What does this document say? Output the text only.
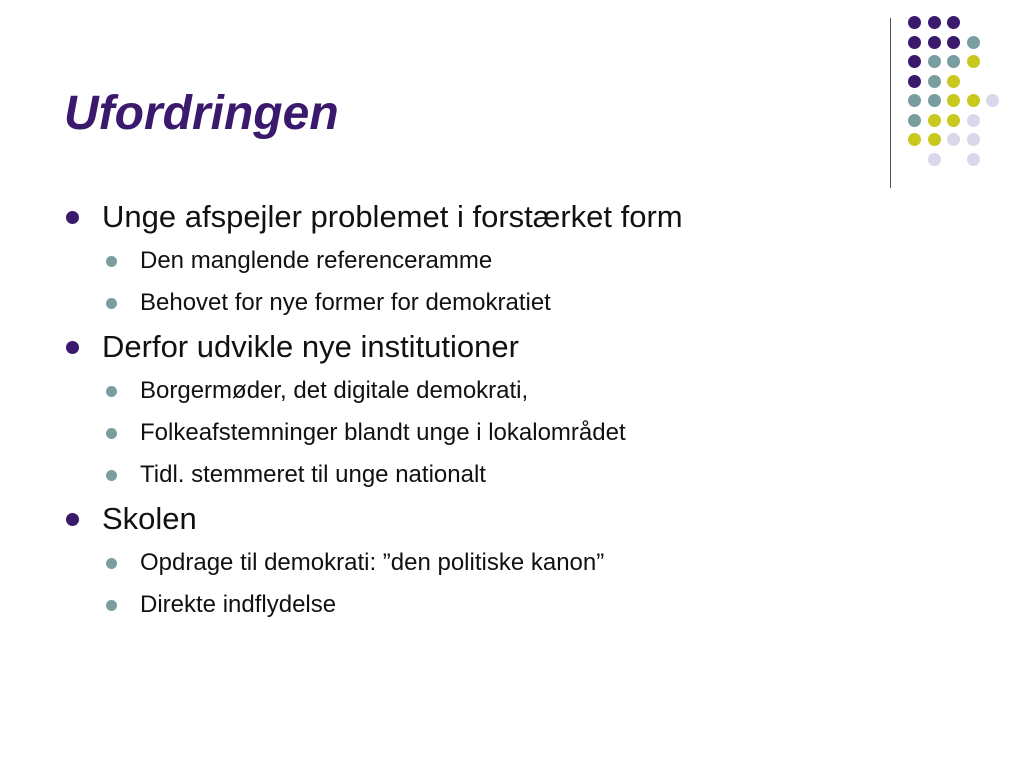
Ufordringen
Unge afspejler problemet i forstærket form
Den manglende referenceramme
Behovet for nye former for demokratiet
Derfor udvikle nye institutioner
Borgermøder, det digitale demokrati,
Folkeafstemninger blandt unge i lokalområdet
Tidl. stemmeret til unge nationalt
Skolen
Opdrage til demokrati: ”den politiske kanon”
Direkte indflydelse
